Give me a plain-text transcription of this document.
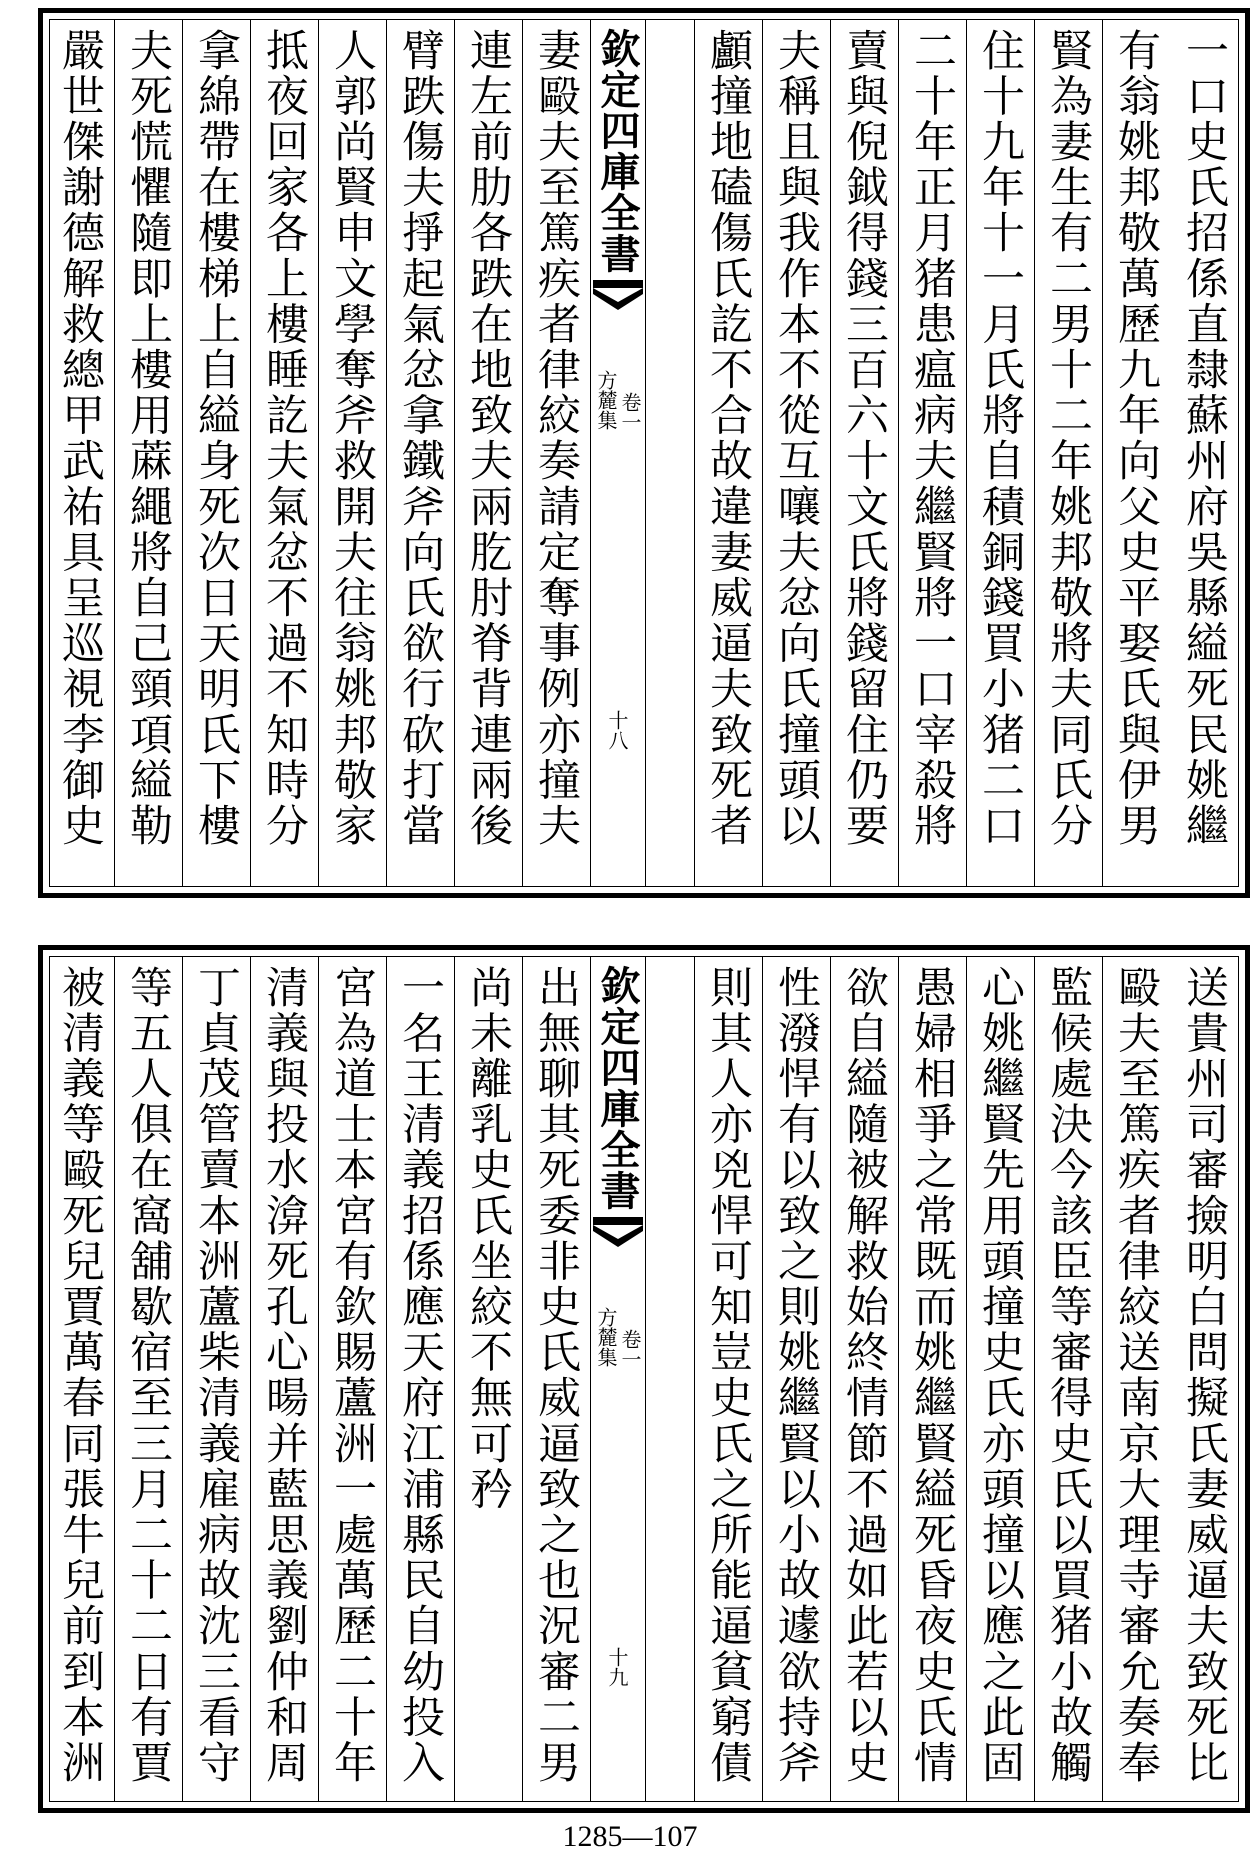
一口史氏招係直隸蘇州府吳縣縊死民姚繼
有翁姚邦敬萬歷九年向父史平娶氏與伊男
賢為妻生有二男十二年姚邦敬將夫同氏分
住十九年十一月氏將自積銅錢買小猪二口
二十年正月猪患瘟病夫繼賢將一口宰殺將
賣與倪鉞得錢三百六十文氏將錢留住仍要
夫稱且與我作本不從互嚷夫忿向氏撞頭以
顱撞地磕傷氏訖不合故違妻威逼夫致死者
欽定四庫全書
方麓集 卷一
十八
妻毆夫至篤疾者律絞奏請定奪事例亦撞夫
連左前肋各跌在地致夫兩肐肘脊背連兩後
臂跌傷夫掙起氣忿拿鐵斧向氏欲行砍打當
人郭尚賢申文學奪斧救開夫往翁姚邦敬家
抵夜回家各上樓睡訖夫氣忿不過不知時分
拿綿帶在樓梯上自縊身死次日天明氏下樓
夫死慌懼隨即上樓用蔴繩將自己頸項縊勒
嚴世傑謝德解救總甲武祐具呈巡視李御史
送貴州司審撿明白問擬氏妻威逼夫致死比
毆夫至篤疾者律絞送南京大理寺審允奏奉
監候處決今該臣等審得史氏以買猪小故觸
心姚繼賢先用頭撞史氏亦頭撞以應之此固
愚婦相爭之常既而姚繼賢縊死昏夜史氏情
欲自縊隨被解救始終情節不過如此若以史
性潑悍有以致之則姚繼賢以小故遽欲持斧
則其人亦兇悍可知豈史氏之所能逼貧窮債
欽定四庫全書
方麓集 卷一
十九
出無聊其死委非史氏威逼致之也況審二男
尚未離乳史氏坐絞不無可矜
一名王清義招係應天府江浦縣民自幼投入
宮為道士本宮有欽賜蘆洲一處萬歷二十年
清義與投水渰死孔心暘并藍思義劉仲和周
丁貞茂管賣本洲蘆柴清義雇病故沈三看守
等五人俱在窩舖歇宿至三月二十二日有賈
被清義等毆死兒賈萬春同張牛兒前到本洲
1285—107
